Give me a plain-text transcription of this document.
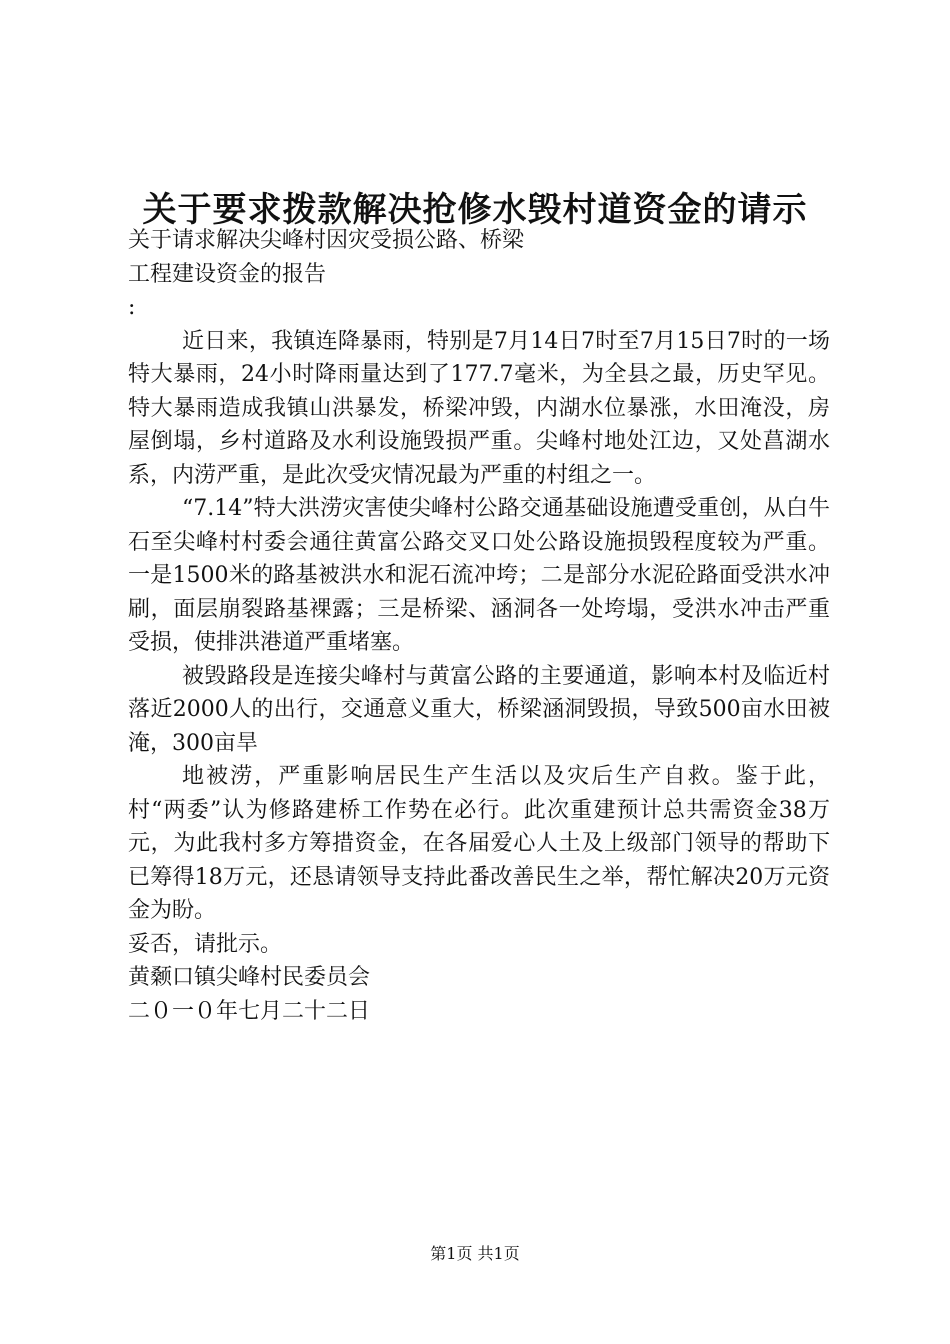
关于要求拨款解决抢修水毁村道资金的请示

关于请求解决尖峰村因灾受损公路、桥梁

工程建设资金的报告

:

近日来，我镇连降暴雨，特别是7月14日7时至7月15日7时的一场特大暴雨，24小时降雨量达到了177.7毫米，为全县之最，历史罕见。特大暴雨造成我镇山洪暴发，桥梁冲毁，内湖水位暴涨，水田淹没，房屋倒塌，乡村道路及水利设施毁损严重。尖峰村地处江边，又处菖湖水系，内涝严重，是此次受灾情况最为严重的村组之一。

“7.14”特大洪涝灾害使尖峰村公路交通基础设施遭受重创，从白牛石至尖峰村村委会通往黄富公路交叉口处公路设施损毁程度较为严重。一是1500米的路基被洪水和泥石流冲垮；二是部分水泥砼路面受洪水冲刷，面层崩裂路基裸露；三是桥梁、涵洞各一处垮塌，受洪水冲击严重受损，使排洪港道严重堵塞。

被毁路段是连接尖峰村与黄富公路的主要通道，影响本村及临近村落近2000人的出行，交通意义重大，桥梁涵洞毁损，导致500亩水田被淹，300亩旱

地被涝，严重影响居民生产生活以及灾后生产自救。鉴于此，村“两委”认为修路建桥工作势在必行。此次重建预计总共需资金38万元，为此我村多方筹措资金，在各届爱心人土及上级部门领导的帮助下已筹得18万元，还恳请领导支持此番改善民生之举，帮忙解决20万元资金为盼。

妥否，请批示。

黄颡口镇尖峰村民委员会

二０一０年七月二十二日

第1页 共1页
